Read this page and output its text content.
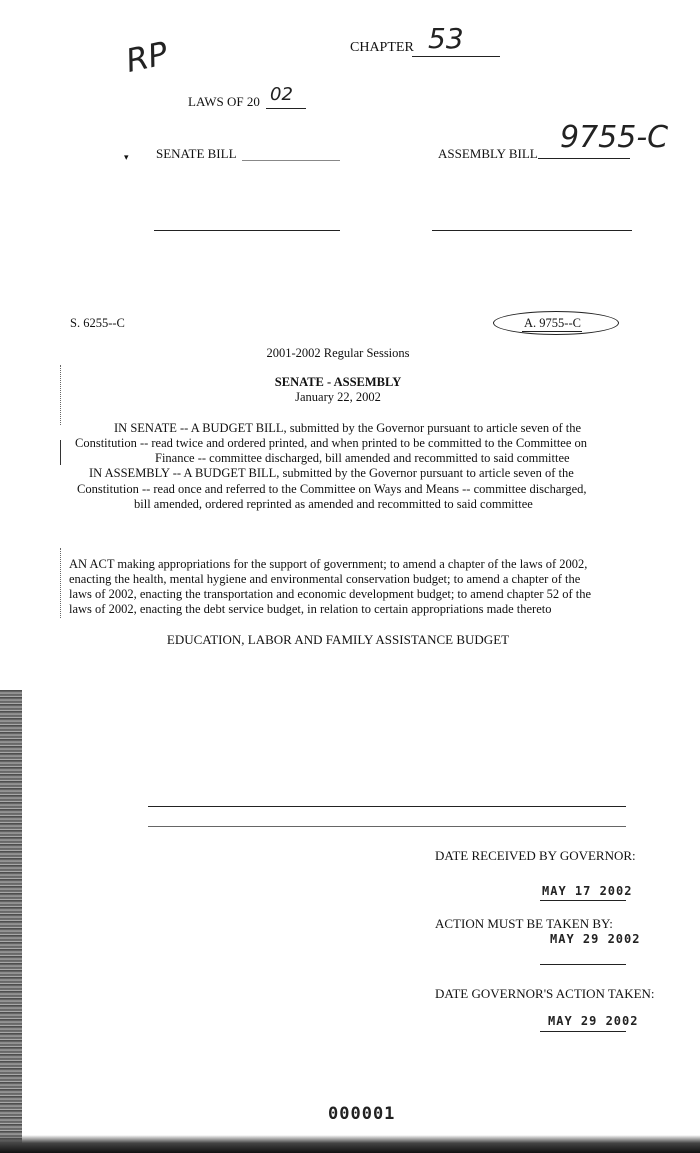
RP	CHAPTER 53
LAWS OF 20 02
▾ SENATE BILL	ASSEMBLY BILL 9755-C
S. 6255--C	A. 9755--C
2001-2002 Regular Sessions
SENATE - ASSEMBLY
January 22, 2002
IN SENATE -- A BUDGET BILL, submitted by the Governor pursuant to article seven of the
Constitution -- read twice and ordered printed, and when printed to be committed to the Committee on
Finance -- committee discharged, bill amended and recommitted to said committee
IN ASSEMBLY -- A BUDGET BILL, submitted by the Governor pursuant to article seven of the
Constitution -- read once and referred to the Committee on Ways and Means -- committee discharged,
bill amended, ordered reprinted as amended and recommitted to said committee
AN ACT making appropriations for the support of government; to amend a chapter of the laws of 2002,
enacting the health, mental hygiene and environmental conservation budget; to amend a chapter of the
laws of 2002, enacting the transportation and economic development budget; to amend chapter 52 of the
laws of 2002, enacting the debt service budget, in relation to certain appropriations made thereto
EDUCATION, LABOR AND FAMILY ASSISTANCE BUDGET
DATE RECEIVED BY GOVERNOR:
MAY 17 2002
ACTION MUST BE TAKEN BY:
MAY 29 2002
DATE GOVERNOR'S ACTION TAKEN:
MAY 29 2002
000001
